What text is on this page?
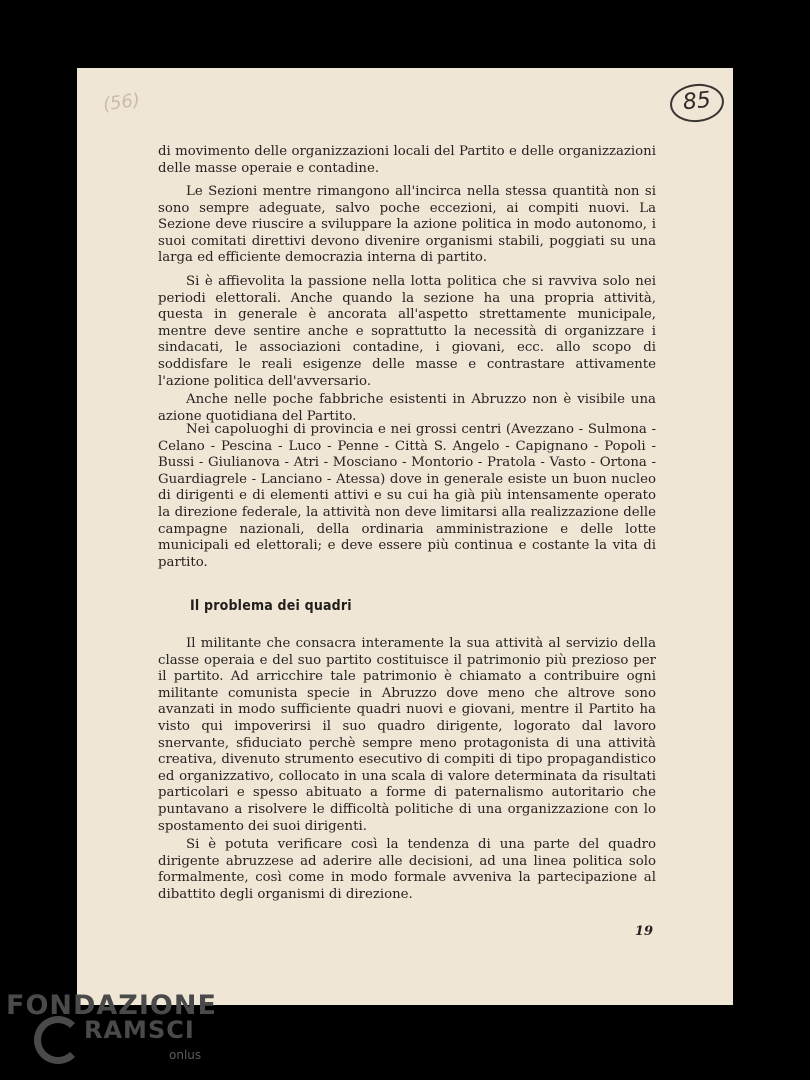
(56)	85

di movimento delle organizzazioni locali del Partito e delle organizzazioni delle masse operaie e contadine.

Le Sezioni mentre rimangono all'incirca nella stessa quantità non si sono sempre adeguate, salvo poche eccezioni, ai compiti nuovi. La Sezione deve riuscire a sviluppare la azione politica in modo autonomo, i suoi comitati direttivi devono divenire organismi stabili, poggiati su una larga ed efficiente democrazia interna di partito.

Si è affievolita la passione nella lotta politica che si ravviva solo nei periodi elettorali. Anche quando la sezione ha una propria attività, questa in generale è ancorata all'aspetto strettamente municipale, mentre deve sentire anche e soprattutto la necessità di organizzare i sindacati, le associazioni contadine, i giovani, ecc. allo scopo di soddisfare le reali esigenze delle masse e contrastare attivamente l'azione politica dell'avversario.

Anche nelle poche fabbriche esistenti in Abruzzo non è visibile una azione quotidiana del Partito.

Nei capoluoghi di provincia e nei grossi centri (Avezzano - Sulmona - Celano - Pescina - Luco - Penne - Città S. Angelo - Capignano - Popoli - Bussi - Giulianova - Atri - Mosciano - Montorio - Pratola - Vasto - Ortona - Guardiagrele - Lanciano - Atessa) dove in generale esiste un buon nucleo di dirigenti e di elementi attivi e su cui ha già più intensamente operato la direzione federale, la attività non deve limitarsi alla realizzazione delle campagne nazionali, della ordinaria amministrazione e delle lotte municipali ed elettorali; e deve essere più continua e costante la vita di partito.

Il problema dei quadri

Il militante che consacra interamente la sua attività al servizio della classe operaia e del suo partito costituisce il patrimonio più prezioso per il partito. Ad arricchire tale patrimonio è chiamato a contribuire ogni militante comunista specie in Abruzzo dove meno che altrove sono avanzati in modo sufficiente quadri nuovi e giovani, mentre il Partito ha visto qui impoverirsi il suo quadro dirigente, logorato dal lavoro snervante, sfiduciato perchè sempre meno protagonista di una attività creativa, divenuto strumento esecutivo di compiti di tipo propagandistico ed organizzativo, collocato in una scala di valore determinata da risultati particolari e spesso abituato a forme di paternalismo autoritario che puntavano a risolvere le difficoltà politiche di una organizzazione con lo spostamento dei suoi dirigenti.

Si è potuta verificare così la tendenza di una parte del quadro dirigente abruzzese ad aderire alle decisioni, ad una linea politica solo formalmente, così come in modo formale avveniva la partecipazione al dibattito degli organismi di direzione.

19
FONDAZIONE
RAMSCI
onlus
